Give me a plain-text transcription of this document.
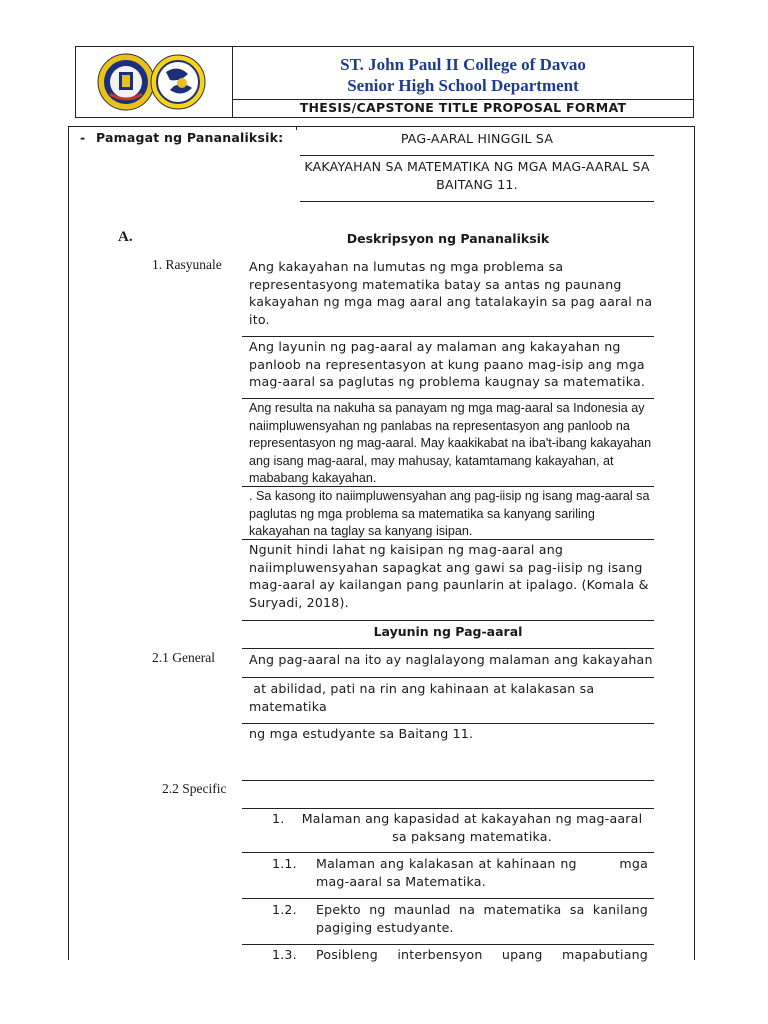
ST. John Paul II College of Davao
Senior High School Department
THESIS/CAPSTONE TITLE PROPOSAL FORMAT
- Pamagat ng Pananaliksik:	PAG-AARAL HINGGIL SA
KAKAYAHAN SA MATEMATIKA NG MGA MAG-AARAL SA BAITANG 11.
A.	Deskripsyon ng Pananaliksik
1. Rasyunale Ang kakayahan na lumutas ng mga problema sa representasyong matematika batay sa antas ng paunang kakayahan ng mga mag aaral ang tatalakayin sa pag aaral na ito.
Ang layunin ng pag-aaral ay malaman ang kakayahan ng panloob na representasyon at kung paano mag-isip ang mga mag-aaral sa paglutas ng problema kaugnay sa matematika.
Ang resulta na nakuha sa panayam ng mga mag-aaral sa Indonesia ay naiimpluwensyahan ng panlabas na representasyon ang panloob na representasyon ng mag-aaral. May kaakikabat na iba't-ibang kakayahan ang isang mag-aaral, may mahusay, katamtamang kakayahan, at mababang kakayahan.
. Sa kasong ito naiimpluwensyahan ang pag-iisip ng isang mag-aaral sa paglutas ng mga problema sa matematika sa kanyang sariling kakayahan na taglay sa kanyang isipan.
Ngunit hindi lahat ng kaisipan ng mag-aaral ang naiimpluwensyahan sapagkat ang gawi sa pag-iisip ng isang mag-aaral ay kailangan pang paunlarin at ipalago. (Komala & Suryadi, 2018).
Layunin ng Pag-aaral
2.1 General	Ang pag-aaral na ito ay naglalayong malaman ang kakayahan
at abilidad, pati na rin ang kahinaan at kalakasan sa matematika
ng mga estudyante sa Baitang 11.
2.2 Specific
1.	Malaman ang kapasidad at kakayahan ng mag-aaral sa paksang matematika.
1.1. Malaman ang kalakasan at kahinaan ng         mga mag-aaral sa Matematika.
1.2. Epekto ng maunlad na matematika sa kanilang pagiging estudyante.
1.3. Posibleng interbensyon upang mapabutiang
